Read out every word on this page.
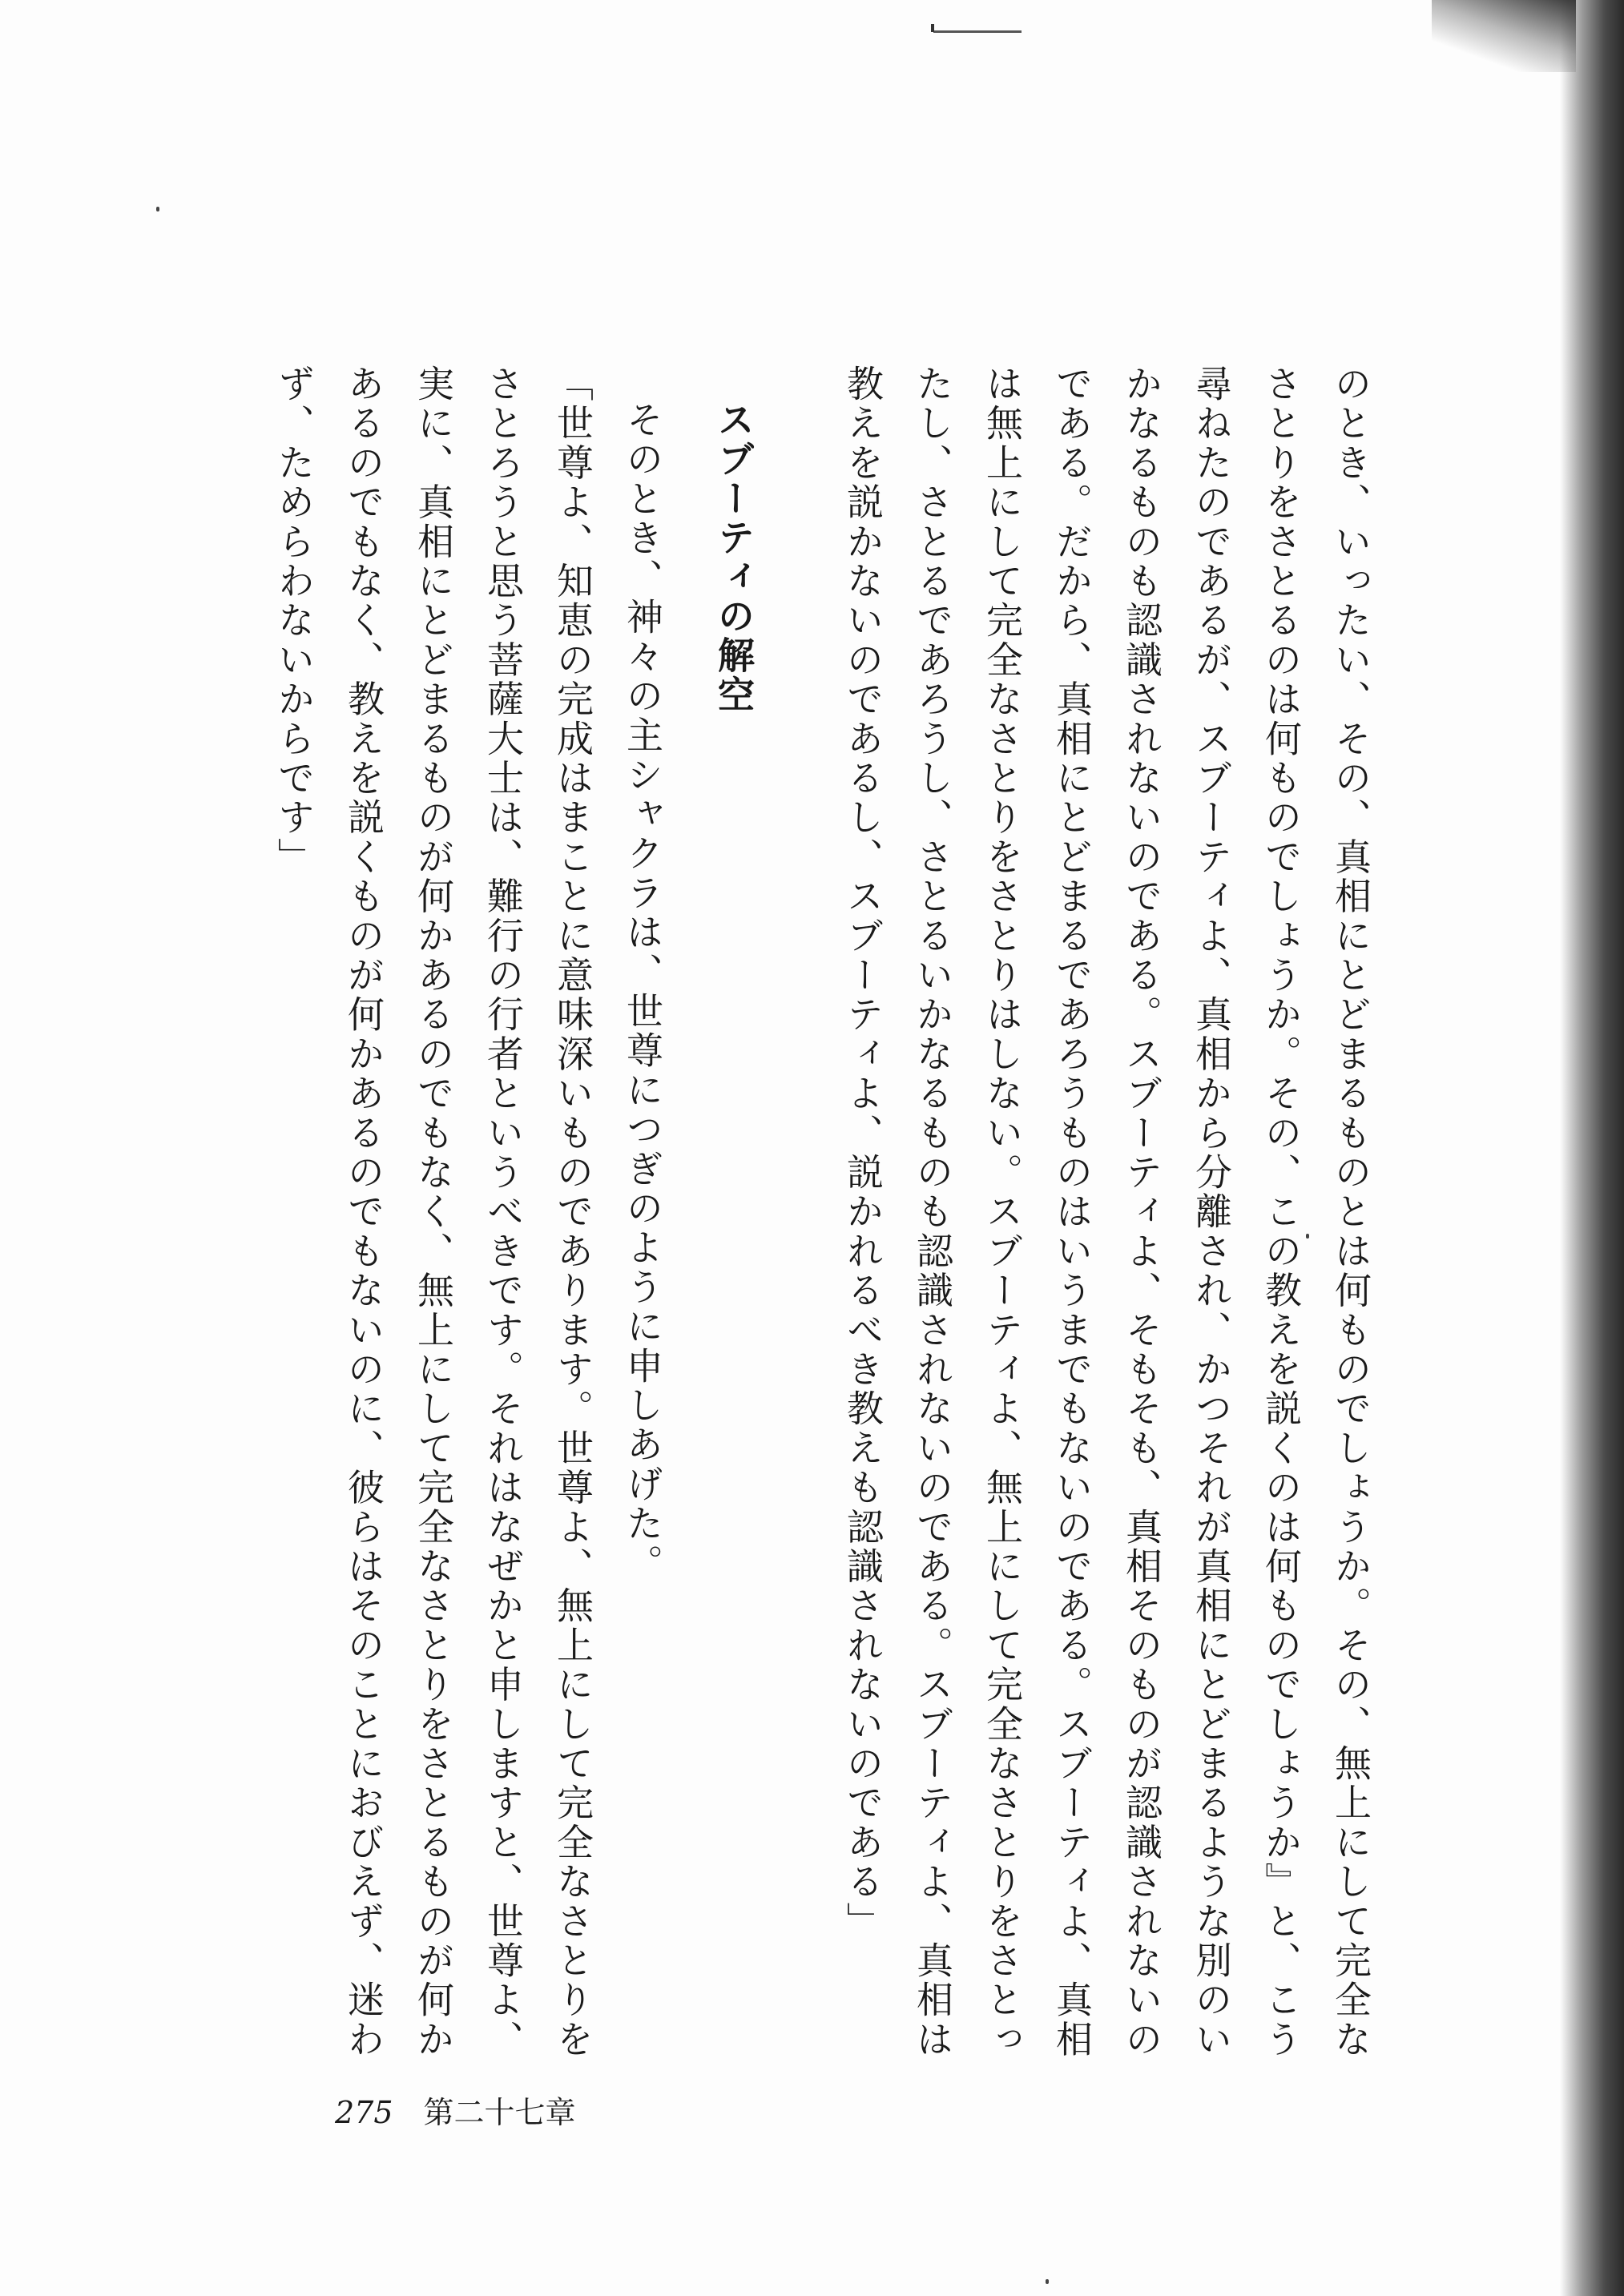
のとき、いったい、その、真相にとどまるものとは何ものでしょうか。その、無上にして完全な
さとりをさとるのは何ものでしょうか。その、この教えを説くのは何ものでしょうか』と、こう
尋ねたのであるが、スブーティよ、真相から分離され、かつそれが真相にとどまるような別のい
かなるものも認識されないのである。スブーティよ、そもそも、真相そのものが認識されないの
である。だから、真相にとどまるであろうものはいうまでもないのである。スブーティよ、真相
は無上にして完全なさとりをさとりはしない。スブーティよ、無上にして完全なさとりをさとっ
たし、さとるであろうし、さとるいかなるものも認識されないのである。スブーティよ、真相は
教えを説かないのであるし、スブーティよ、説かれるべき教えも認識されないのである」
スブーティの解空
そのとき、神々の主シャクラは、世尊につぎのように申しあげた。
「世尊よ、知恵の完成はまことに意味深いものであります。世尊よ、無上にして完全なさとりを
さとろうと思う菩薩大士は、難行の行者というべきです。それはなぜかと申しますと、世尊よ、
実に、真相にとどまるものが何かあるのでもなく、無上にして完全なさとりをさとるものが何か
あるのでもなく、教えを説くものが何かあるのでもないのに、彼らはそのことにおびえず、迷わ
ず、ためらわないからです」
275 第二十七章
